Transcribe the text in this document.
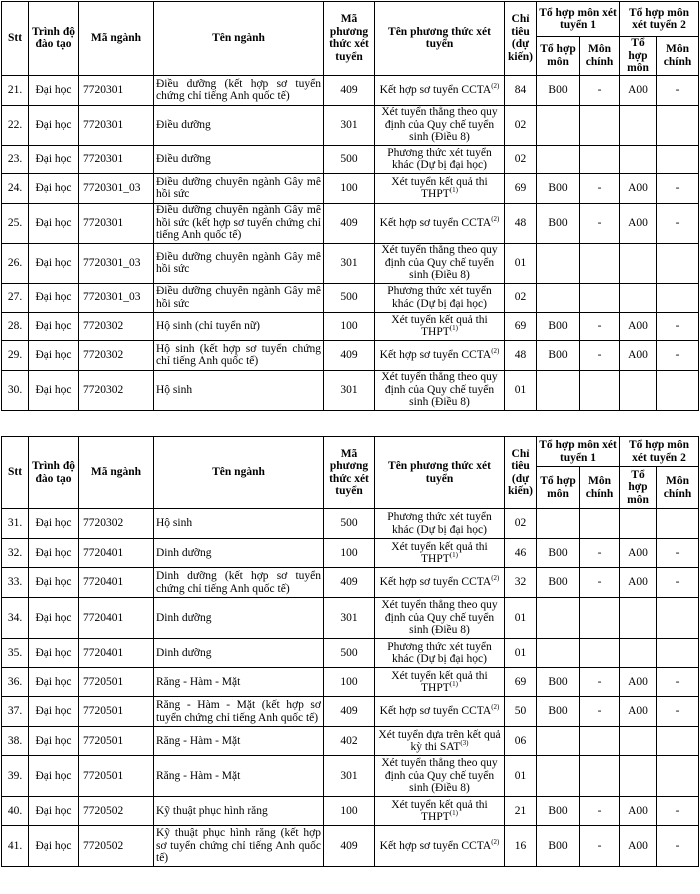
Stt	Trình độ đào tạo	Mã ngành	Tên ngành	Mã phương thức xét tuyển	Tên phương thức xét tuyển	Chỉ tiêu (dự kiến)	Tổ hợp môn xét tuyển 1		Tổ hợp môn xét tuyển 2	
							Tổ hợp môn	Môn chính	Tổ hợp môn	Môn chính
21.	Đại học	7720301	Điều dưỡng (kết hợp sơ tuyển chứng chỉ tiếng Anh quốc tế)	409	Kết hợp sơ tuyển CCTA$^{(2)}$	84	B00	-	A00	-
22.	Đại học	7720301	Điều dưỡng	301	Xét tuyển thẳng theo quy định của Quy chế tuyển sinh (Điều 8)	02				
23.	Đại học	7720301	Điều dưỡng	500	Phương thức xét tuyển khác (Dự bị đại học)	02				
24.	Đại học	7720301_03	Điều dưỡng chuyên ngành Gây mê hồi sức	100	Xét tuyển kết quả thi THPT$^{(1)}$	69	B00	-	A00	-
25.	Đại học	7720301	Điều dưỡng chuyên ngành Gây mê hồi sức (kết hợp sơ tuyển chứng chỉ tiếng Anh quốc tế)	409	Kết hợp sơ tuyển CCTA$^{(2)}$	48	B00	-	A00	-
26.	Đại học	7720301_03	Điều dưỡng chuyên ngành Gây mê hồi sức	301	Xét tuyển thẳng theo quy định của Quy chế tuyển sinh (Điều 8)	01				
27.	Đại học	7720301_03	Điều dưỡng chuyên ngành Gây mê hồi sức	500	Phương thức xét tuyển khác (Dự bị đại học)	02				
28.	Đại học	7720302	Hộ sinh (chỉ tuyển nữ)	100	Xét tuyển kết quả thi THPT$^{(1)}$	69	B00	-	A00	-
29.	Đại học	7720302	Hộ sinh (kết hợp sơ tuyển chứng chỉ tiếng Anh quốc tế)	409	Kết hợp sơ tuyển CCTA$^{(2)}$	48	B00	-	A00	-
30.	Đại học	7720302	Hộ sinh	301	Xét tuyển thẳng theo quy định của Quy chế tuyển sinh (Điều 8)	01				
Stt	Trình độ đào tạo	Mã ngành	Tên ngành	Mã phương thức xét tuyển	Tên phương thức xét tuyển	Chỉ tiêu (dự kiến)	Tổ hợp môn xét tuyển 1		Tổ hợp môn xét tuyển 2	
							Tổ hợp môn	Môn chính	Tổ hợp môn	Môn chính
31.	Đại học	7720302	Hộ sinh	500	Phương thức xét tuyển khác (Dự bị đại học)	02				
32.	Đại học	7720401	Dinh dưỡng	100	Xét tuyển kết quả thi THPT$^{(1)}$	46	B00	-	A00	-
33.	Đại học	7720401	Dinh dưỡng (kết hợp sơ tuyển chứng chỉ tiếng Anh quốc tế)	409	Kết hợp sơ tuyển CCTA$^{(2)}$	32	B00	-	A00	-
34.	Đại học	7720401	Dinh dưỡng	301	Xét tuyển thẳng theo quy định của Quy chế tuyển sinh (Điều 8)	01				
35.	Đại học	7720401	Dinh dưỡng	500	Phương thức xét tuyển khác (Dự bị đại học)	01				
36.	Đại học	7720501	Răng - Hàm - Mặt	100	Xét tuyển kết quả thi THPT$^{(1)}$	69	B00	-	A00	-
37.	Đại học	7720501	Răng - Hàm - Mặt (kết hợp sơ tuyển chứng chỉ tiếng Anh quốc tế)	409	Kết hợp sơ tuyển CCTA$^{(2)}$	50	B00	-	A00	-
38.	Đại học	7720501	Răng - Hàm - Mặt	402	Xét tuyển dựa trên kết quả kỳ thi SAT$^{(3)}$	06				
39.	Đại học	7720501	Răng - Hàm - Mặt	301	Xét tuyển thẳng theo quy định của Quy chế tuyển sinh (Điều 8)	01				
40.	Đại học	7720502	Kỹ thuật phục hình răng	100	Xét tuyển kết quả thi THPT$^{(1)}$	21	B00	-	A00	-
41.	Đại học	7720502	Kỹ thuật phục hình răng (kết hợp sơ tuyển chứng chỉ tiếng Anh quốc tế)	409	Kết hợp sơ tuyển CCTA$^{(2)}$	16	B00	-	A00	-
